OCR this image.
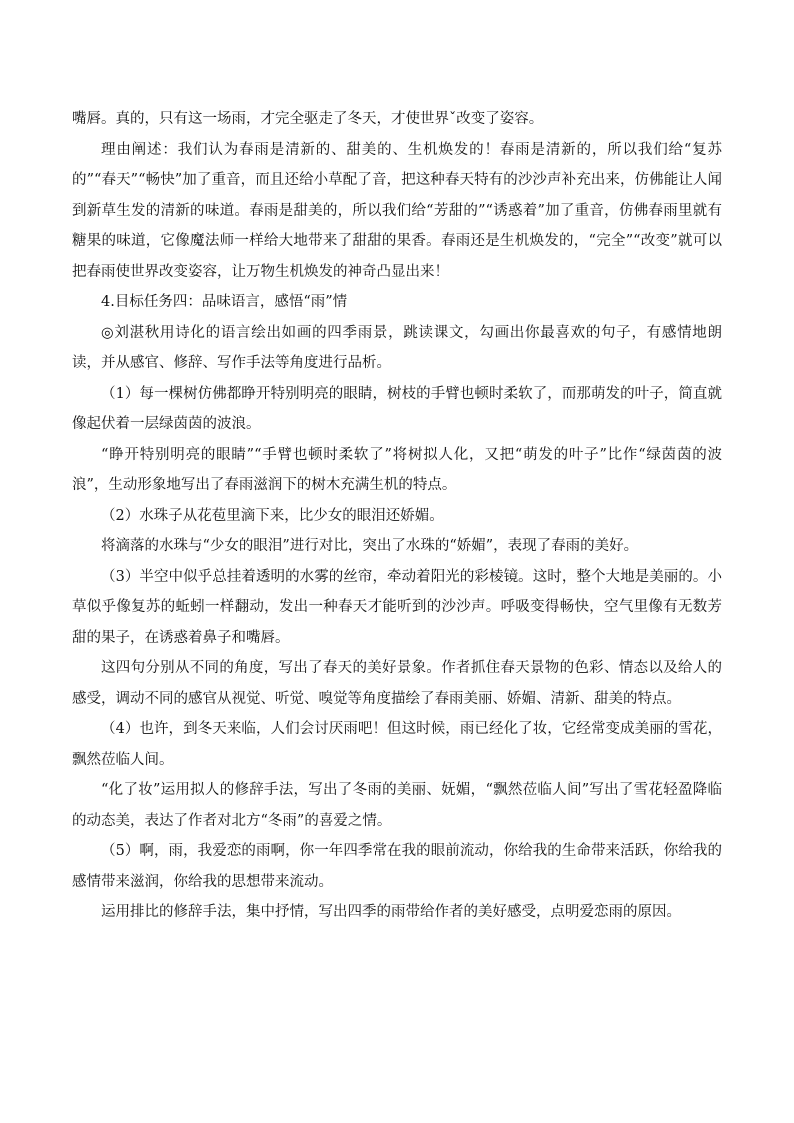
嘴唇。真的，只有这一场雨，才完全驱走了冬天，才使世界ˇ改变了姿容。

理由阐述：我们认为春雨是清新的、甜美的、生机焕发的！春雨是清新的，所以我们给“复苏的”“春天”“畅快”加了重音，而且还给小草配了音，把这种春天特有的沙沙声补充出来，仿佛能让人闻到新草生发的清新的味道。春雨是甜美的，所以我们给“芳甜的”“诱惑着”加了重音，仿佛春雨里就有糖果的味道，它像魔法师一样给大地带来了甜甜的果香。春雨还是生机焕发的，“完全”“改变”就可以把春雨使世界改变姿容，让万物生机焕发的神奇凸显出来！

4.目标任务四：品味语言，感悟“雨”情

◎刘湛秋用诗化的语言绘出如画的四季雨景，跳读课文，勾画出你最喜欢的句子，有感情地朗读，并从感官、修辞、写作手法等角度进行品析。

（1）每一棵树仿佛都睁开特别明亮的眼睛，树枝的手臂也顿时柔软了，而那萌发的叶子，简直就像起伏着一层绿茵茵的波浪。

“睁开特别明亮的眼睛”“手臂也顿时柔软了”将树拟人化，又把“萌发的叶子”比作“绿茵茵的波浪”，生动形象地写出了春雨滋润下的树木充满生机的特点。

（2）水珠子从花苞里滴下来，比少女的眼泪还娇媚。

将滴落的水珠与“少女的眼泪”进行对比，突出了水珠的“娇媚”，表现了春雨的美好。

（3）半空中似乎总挂着透明的水雾的丝帘，牵动着阳光的彩棱镜。这时，整个大地是美丽的。小草似乎像复苏的蚯蚓一样翻动，发出一种春天才能听到的沙沙声。呼吸变得畅快，空气里像有无数芳甜的果子，在诱惑着鼻子和嘴唇。

这四句分别从不同的角度，写出了春天的美好景象。作者抓住春天景物的色彩、情态以及给人的感受，调动不同的感官从视觉、听觉、嗅觉等角度描绘了春雨美丽、娇媚、清新、甜美的特点。

（4）也许，到冬天来临，人们会讨厌雨吧！但这时候，雨已经化了妆，它经常变成美丽的雪花，飘然莅临人间。

“化了妆”运用拟人的修辞手法，写出了冬雨的美丽、妩媚，“飘然莅临人间”写出了雪花轻盈降临的动态美，表达了作者对北方“冬雨”的喜爱之情。

（5）啊，雨，我爱恋的雨啊，你一年四季常在我的眼前流动，你给我的生命带来活跃，你给我的感情带来滋润，你给我的思想带来流动。

运用排比的修辞手法，集中抒情，写出四季的雨带给作者的美好感受，点明爱恋雨的原因。
